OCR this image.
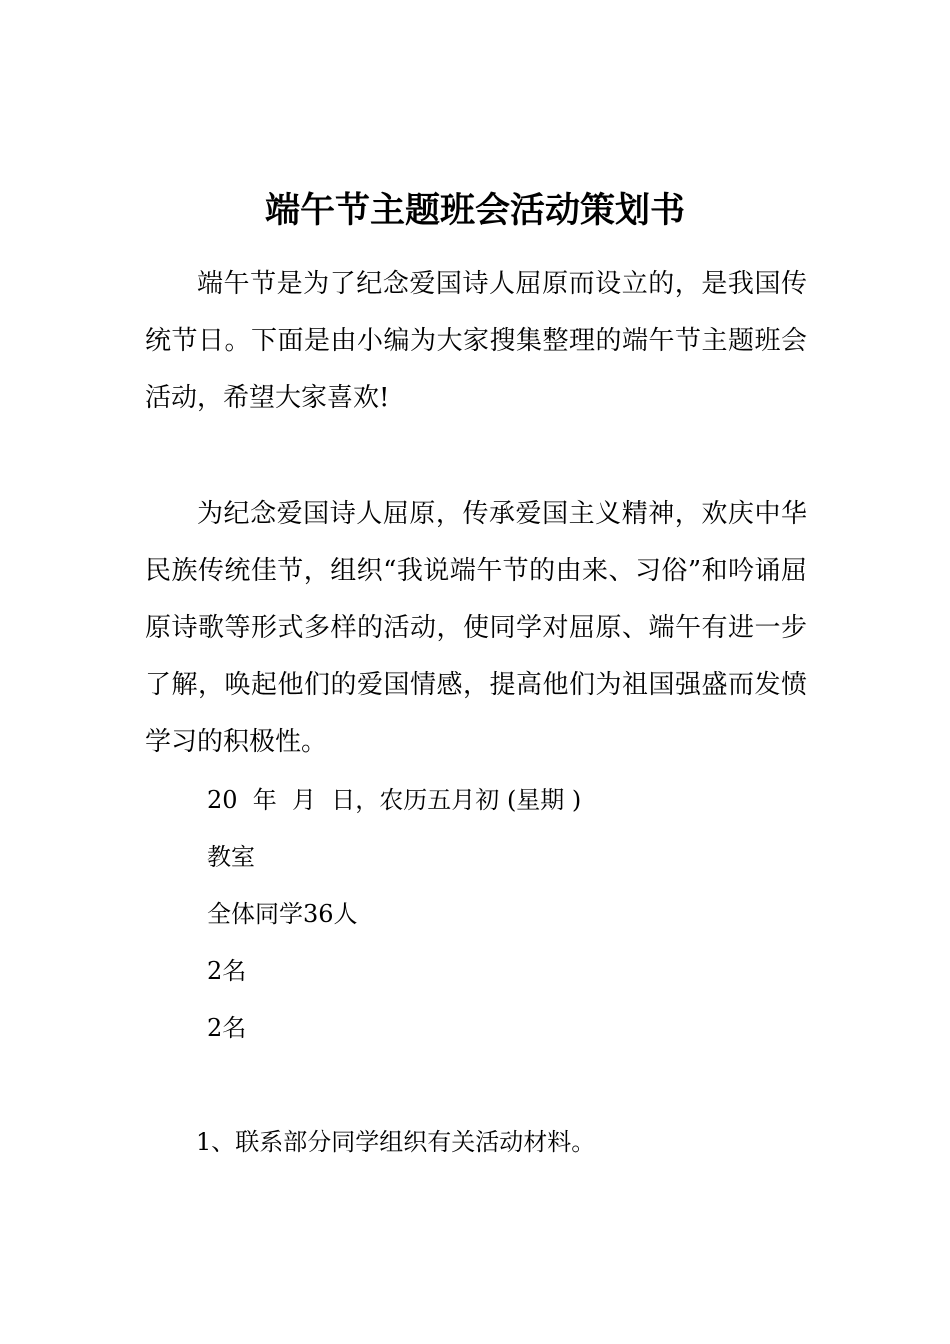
端午节主题班会活动策划书

端午节是为了纪念爱国诗人屈原而设立的，是我国传统节日。下面是由小编为大家搜集整理的端午节主题班会活动，希望大家喜欢!

为纪念爱国诗人屈原，传承爱国主义精神，欢庆中华民族传统佳节，组织“我说端午节的由来、习俗”和吟诵屈原诗歌等形式多样的活动，使同学对屈原、端午有进一步了解，唤起他们的爱国情感，提高他们为祖国强盛而发愤学习的积极性。

20  年  月  日，农历五月初 (星期 )

教室

全体同学36人

2名

2名

1、联系部分同学组织有关活动材料。
